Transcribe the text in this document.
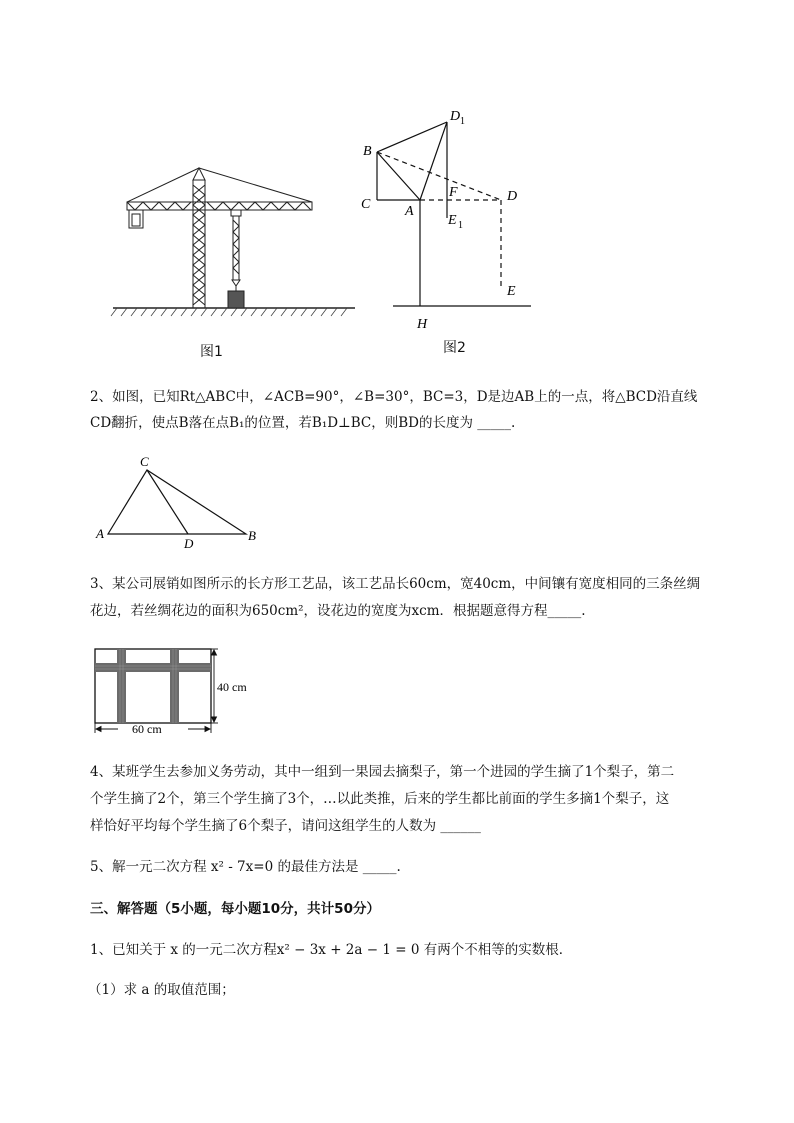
图1
D 1
B
C A
F	D
E 1
E
H
图2
2、如图，已知Rt△ABC中，∠ACB=90°，∠B=30°，BC=3，D是边AB上的一点，将△BCD沿直线
CD翻折，使点B落在点B₁的位置，若B₁D⊥BC，则BD的长度为 _____.
C
A
D
B
3、某公司展销如图所示的长方形工艺品，该工艺品长60cm，宽40cm，中间镶有宽度相同的三条丝绸
花边，若丝绸花边的面积为650cm²，设花边的宽度为xcm．根据题意得方程_____.
40 cm
60 cm
4、某班学生去参加义务劳动，其中一组到一果园去摘梨子，第一个进园的学生摘了1个梨子，第二
个学生摘了2个，第三个学生摘了3个，…以此类推，后来的学生都比前面的学生多摘1个梨子，这
样恰好平均每个学生摘了6个梨子，请问这组学生的人数为 ______
5、解一元二次方程 x² - 7x=0 的最佳方法是 _____.
三、解答题（5小题，每小题10分，共计50分）
1、已知关于 x 的一元二次方程x² − 3x + 2a − 1 = 0 有两个不相等的实数根．
（1）求 a 的取值范围；
